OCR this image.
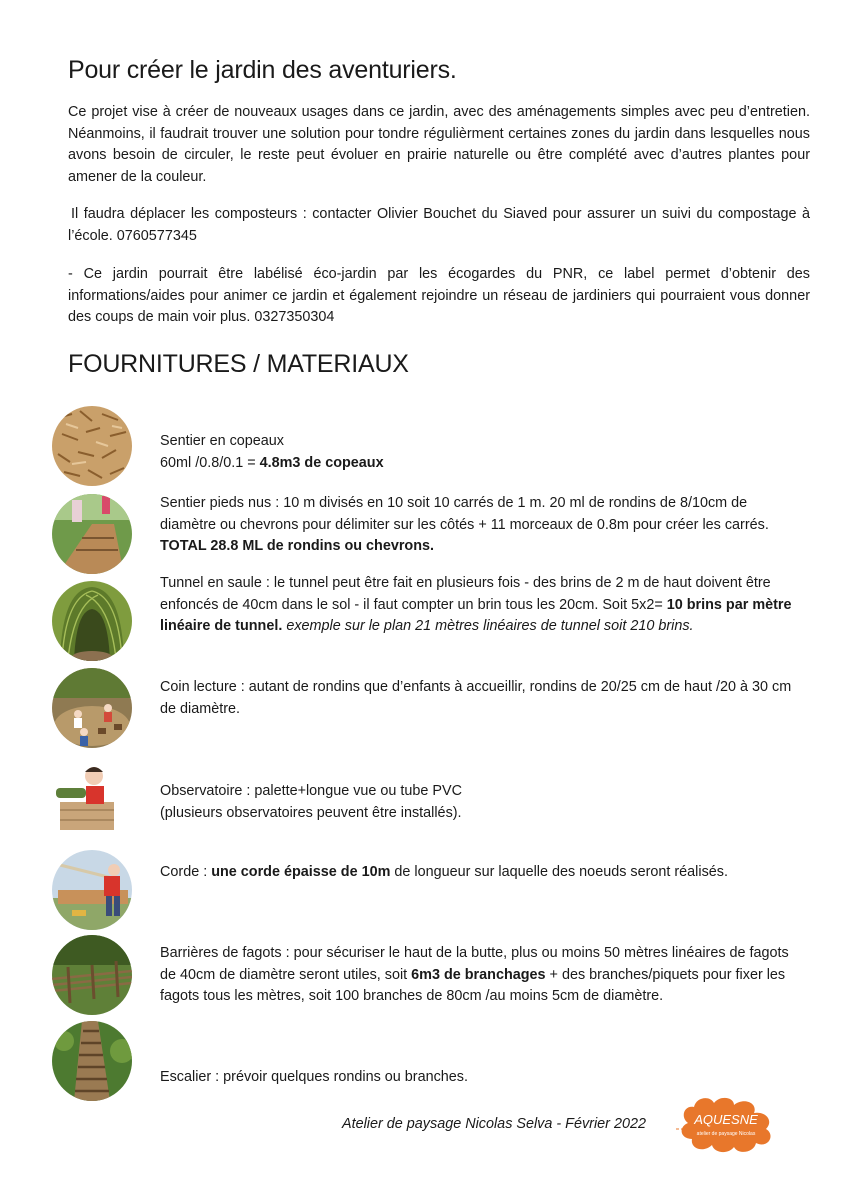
Pour créer le jardin des aventuriers.

Ce projet vise à créer de nouveaux usages dans ce jardin, avec des aménagements simples avec peu d’entretien. Néanmoins, il faudrait trouver une solution pour tondre régulièrment certaines zones du jardin dans lesquelles nous avons besoin de circuler, le reste peut évoluer en prairie naturelle ou être complété avec d’autres plantes pour amener de la couleur.

Il faudra déplacer les composteurs : contacter Olivier Bouchet du Siaved pour assurer un suivi du compostage à l’école. 0760577345

- Ce jardin pourrait être labélisé éco-jardin par les écogardes du PNR, ce label permet d’obtenir des informations/aides pour animer ce jardin et également rejoindre un réseau de jardiniers qui pourraient vous donner des coups de main voir plus. 0327350304

FOURNITURES / MATERIAUX
Sentier en copeaux
60ml /0.8/0.1 = 4.8m3 de copeaux
Sentier pieds nus : 10 m divisés en 10 soit 10 carrés de 1 m. 20 ml de rondins de 8/10cm de diamètre ou chevrons pour délimiter sur les côtés + 11 morceaux de 0.8m pour créer les carrés. TOTAL 28.8 ML de rondins ou chevrons.
Tunnel en saule : le tunnel peut être fait en plusieurs fois - des brins de 2 m de haut doivent être enfoncés de 40cm dans le sol - il faut compter un brin tous les 20cm. Soit 5x2= 10 brins par mètre linéaire de tunnel. exemple sur le plan 21 mètres linéaires de tunnel soit 210 brins.
Coin lecture : autant de rondins que d’enfants à accueillir, rondins de 20/25 cm de haut /20 à 30 cm de diamètre.
Observatoire : palette+longue vue ou tube PVC
(plusieurs observatoires peuvent être installés).
Corde : une corde épaisse de 10m de longueur sur laquelle des noeuds seront réalisés.
Barrières de fagots : pour sécuriser le haut de la butte, plus ou moins 50 mètres linéaires de fagots de 40cm de diamètre seront utiles, soit 6m3 de branchages + des branches/piquets pour fixer les fagots tous les mètres, soit 100 branches de 80cm /au moins 5cm de diamètre.
Escalier : prévoir quelques rondins ou branches.
Atelier de paysage Nicolas Selva - Février 2022	AQUESNE
atelier de paysage Nicolas
